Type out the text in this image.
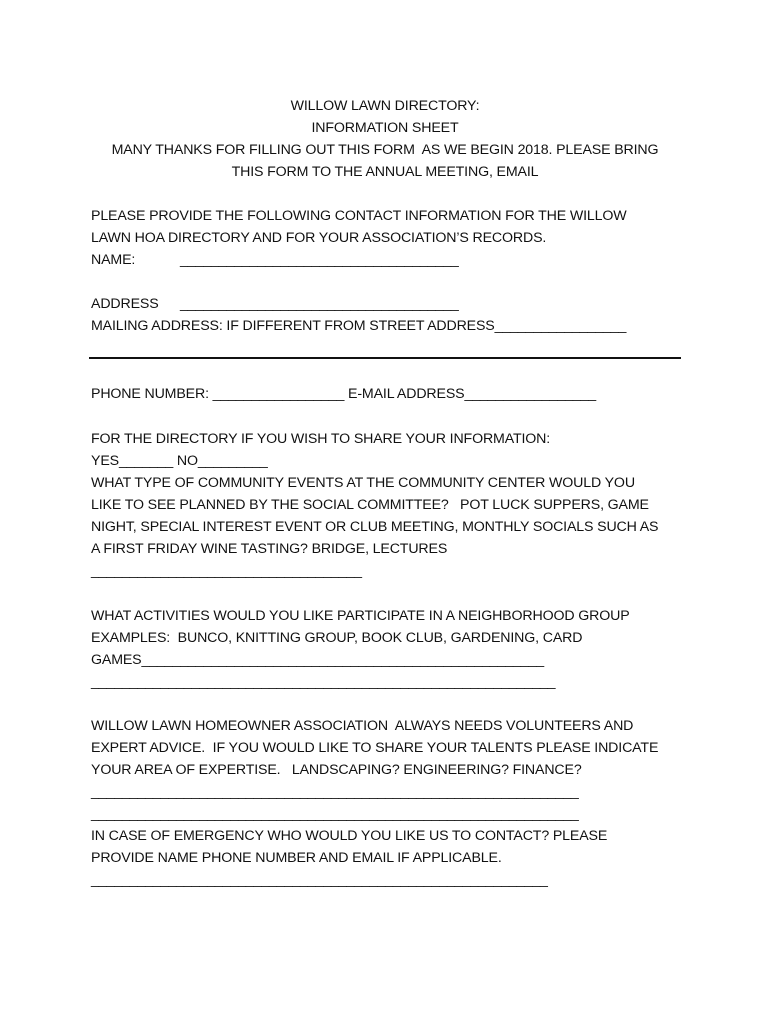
WILLOW LAWN DIRECTORY:
INFORMATION SHEET
MANY THANKS FOR FILLING OUT THIS FORM  AS WE BEGIN 2018. PLEASE BRING
THIS FORM TO THE ANNUAL MEETING, EMAIL
PLEASE PROVIDE THE FOLLOWING CONTACT INFORMATION FOR THE WILLOW
LAWN HOA DIRECTORY AND FOR YOUR ASSOCIATION’S RECORDS.
NAME:	____________________________________
ADDRESS ____________________________________
MAILING ADDRESS: IF DIFFERENT FROM STREET ADDRESS_________________
PHONE NUMBER: _________________ E-MAIL ADDRESS_________________
FOR THE DIRECTORY IF YOU WISH TO SHARE YOUR INFORMATION:
YES_______ NO_________
WHAT TYPE OF COMMUNITY EVENTS AT THE COMMUNITY CENTER WOULD YOU
LIKE TO SEE PLANNED BY THE SOCIAL COMMITTEE?   POT LUCK SUPPERS, GAME
NIGHT, SPECIAL INTEREST EVENT OR CLUB MEETING, MONTHLY SOCIALS SUCH AS
A FIRST FRIDAY WINE TASTING? BRIDGE, LECTURES
___________________________________
WHAT ACTIVITIES WOULD YOU LIKE PARTICIPATE IN A NEIGHBORHOOD GROUP
EXAMPLES:  BUNCO, KNITTING GROUP, BOOK CLUB, GARDENING, CARD
GAMES____________________________________________________
____________________________________________________________
WILLOW LAWN HOMEOWNER ASSOCIATION  ALWAYS NEEDS VOLUNTEERS AND
EXPERT ADVICE.  IF YOU WOULD LIKE TO SHARE YOUR TALENTS PLEASE INDICATE
YOUR AREA OF EXPERTISE.   LANDSCAPING? ENGINEERING? FINANCE?
_______________________________________________________________
_______________________________________________________________
IN CASE OF EMERGENCY WHO WOULD YOU LIKE US TO CONTACT? PLEASE
PROVIDE NAME PHONE NUMBER AND EMAIL IF APPLICABLE.
___________________________________________________________
